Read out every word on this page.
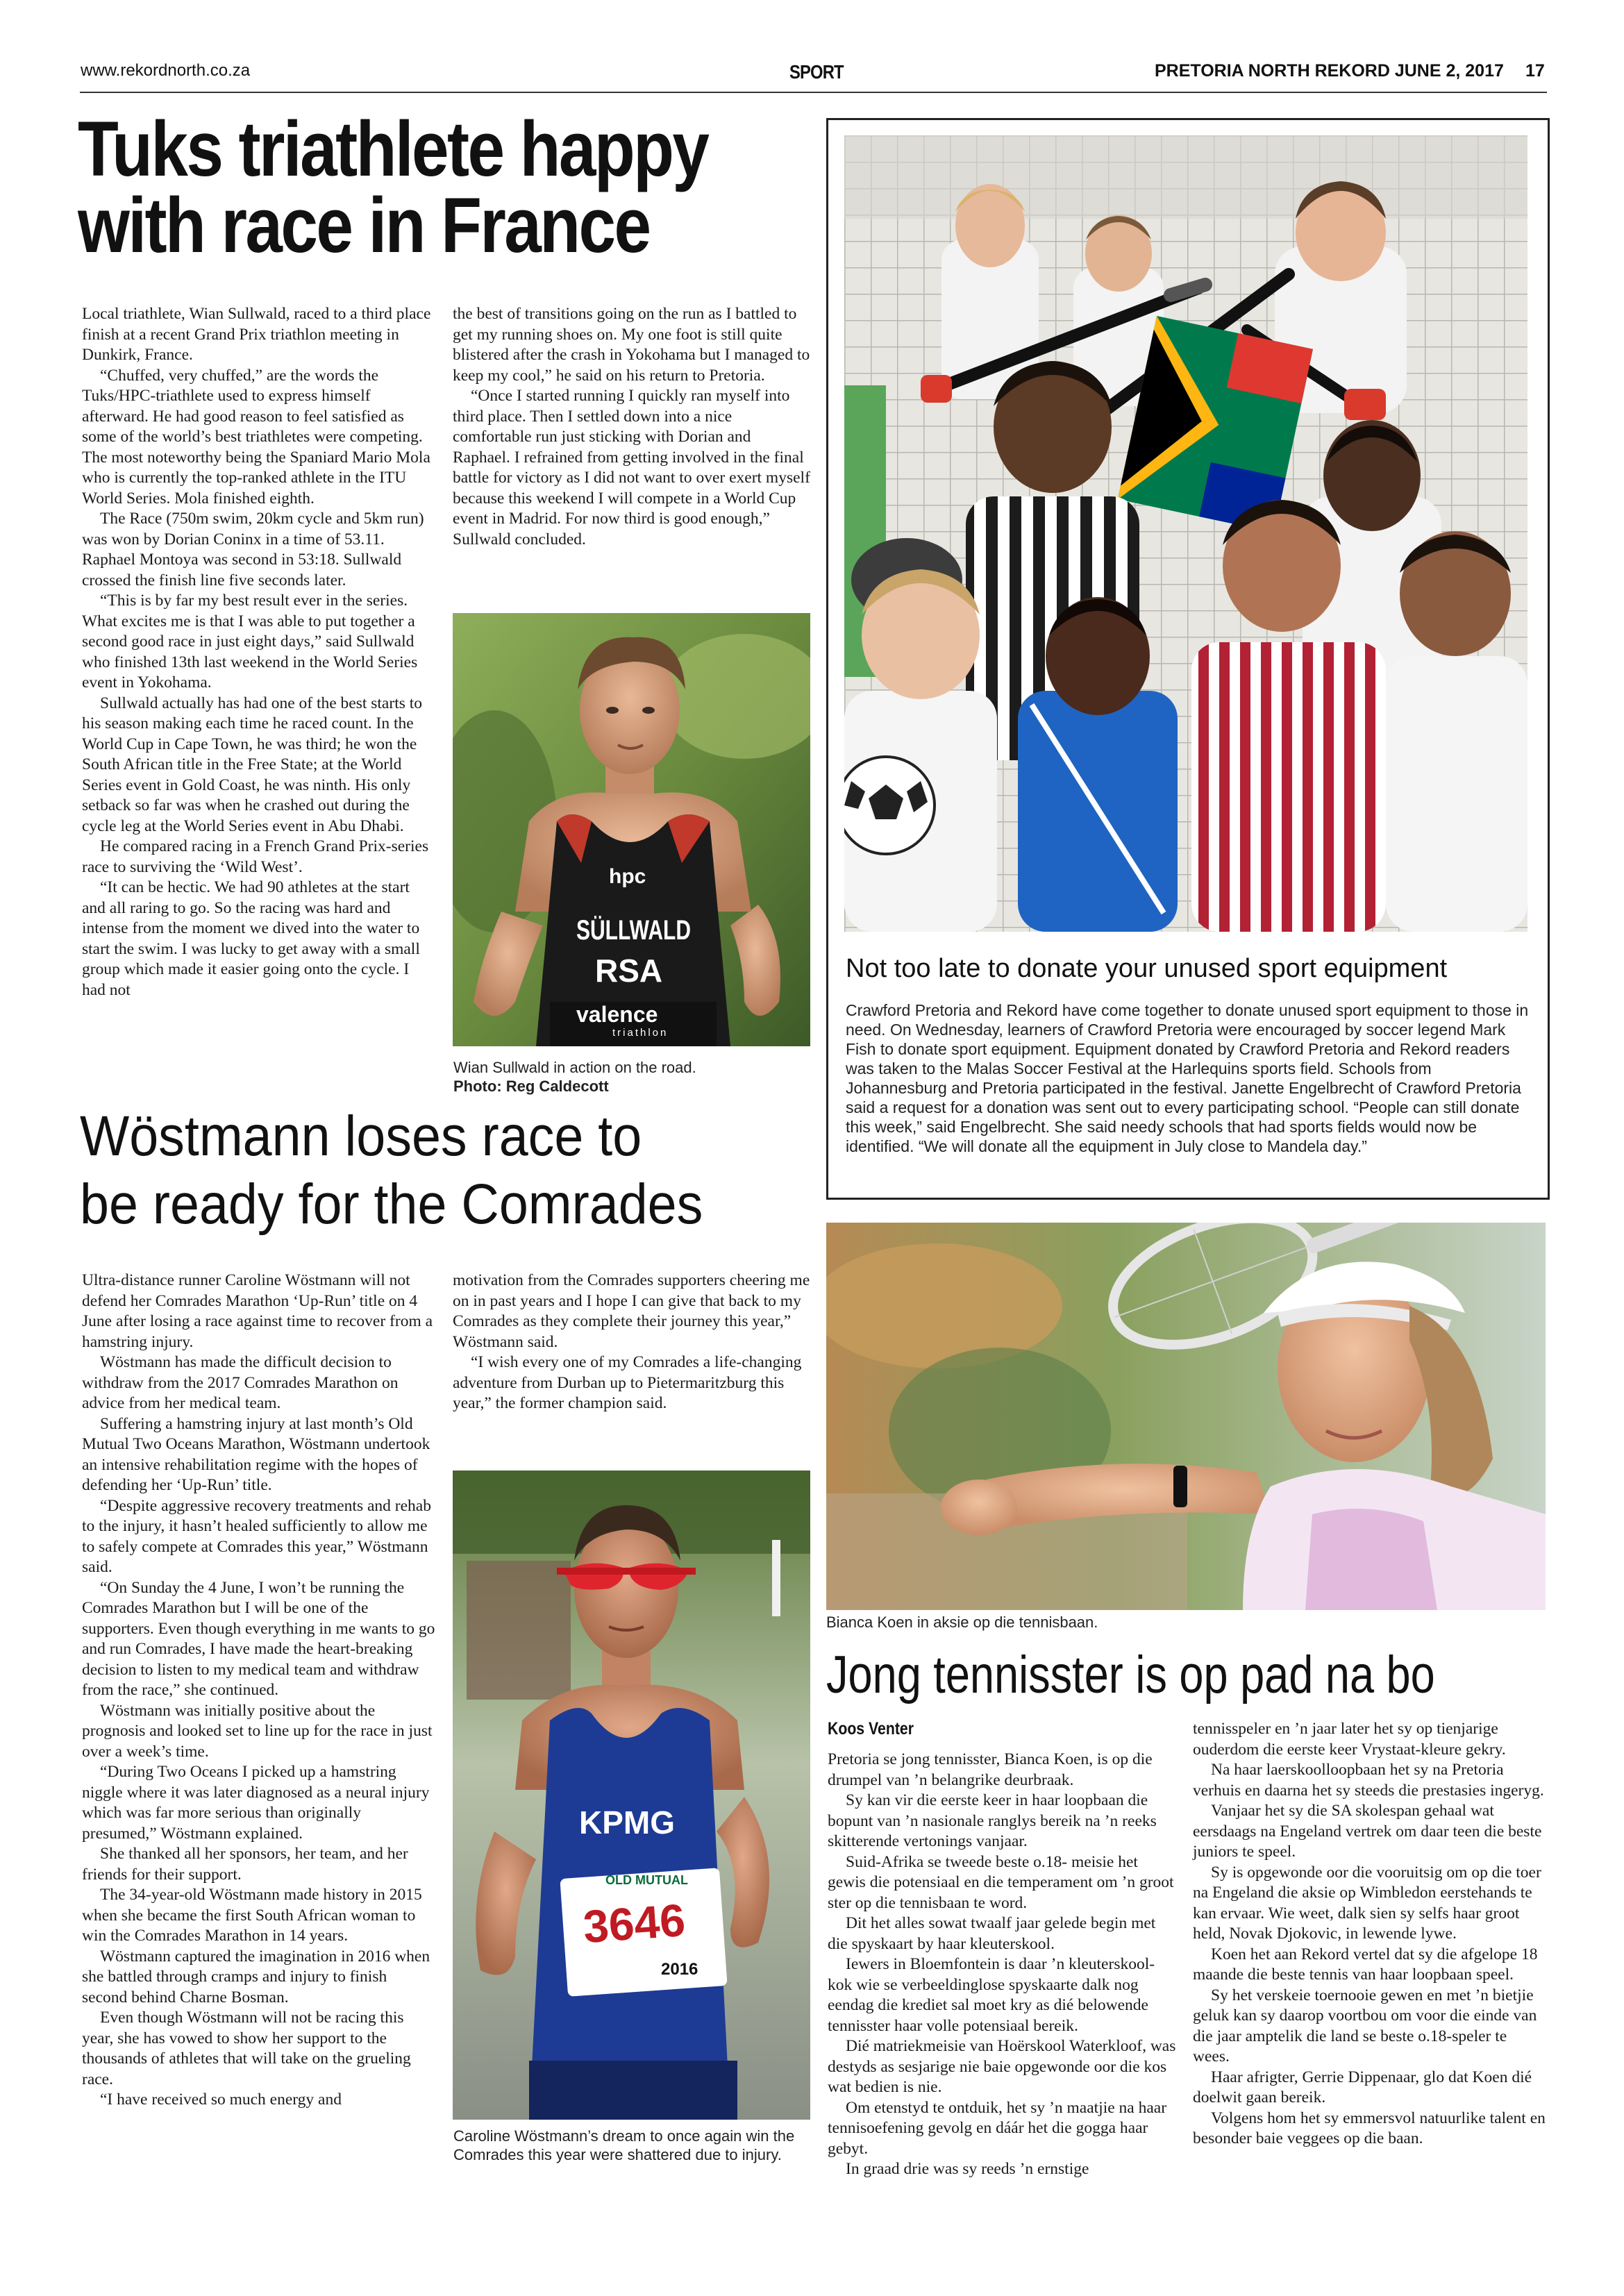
www.rekordnorth.co.za	SPORT	PRETORIA NORTH REKORD JUNE 2, 2017 17
Tuks triathlete happy
with race in France

Local triathlete, Wian Sullwald, raced to a third place finish at a recent Grand Prix triathlon meeting in Dunkirk, France.

“Chuffed, very chuffed,” are the words the Tuks/HPC-triathlete used to express himself afterward. He had good reason to feel satisfied as some of the world’s best triathletes were competing. The most noteworthy being the Spaniard Mario Mola who is currently the top-ranked athlete in the ITU World Series. Mola finished eighth.

The Race (750m swim, 20km cycle and 5km run) was won by Dorian Coninx in a time of 53.11. Raphael Montoya was second in 53:18. Sullwald crossed the finish line five seconds later.

“This is by far my best result ever in the series. What excites me is that I was able to put together a second good race in just eight days,” said Sullwald who finished 13th last weekend in the World Series event in Yokohama.

Sullwald actually has had one of the best starts to his season making each time he raced count. In the World Cup in Cape Town, he was third; he won the South African title in the Free State; at the World Series event in Gold Coast, he was ninth. His only setback so far was when he crashed out during the cycle leg at the World Series event in Abu Dhabi.

He compared racing in a French Grand Prix-series race to surviving the ‘Wild West’.

“It can be hectic. We had 90 athletes at the start and all raring to go. So the racing was hard and intense from the moment we dived into the water to start the swim. I was lucky to get away with a small group which made it easier going onto the cycle. I had not

the best of transitions going on the run as I battled to get my running shoes on. My one foot is still quite blistered after the crash in Yokohama but I managed to keep my cool,” he said on his return to Pretoria.

“Once I started running I quickly ran myself into third place. Then I settled down into a nice comfortable run just sticking with Dorian and Raphael. I refrained from getting involved in the final battle for victory as I did not want to over exert myself because this weekend I will compete in a World Cup event in Madrid. For now third is good enough,” Sullwald concluded.

hpc
SÜLLWALD
RSA
valence
triathlon
Wian Sullwald in action on the road.
Photo: Reg Caldecott
Not too late to donate your unused sport equipment
Crawford Pretoria and Rekord have come together to donate unused sport equipment to those in need. On Wednesday, learners of Crawford Pretoria were encouraged by soccer legend Mark Fish to donate sport equipment. Equipment donated by Crawford Pretoria and Rekord readers was taken to the Malas Soccer Festival at the Harlequins sports field. Schools from Johannesburg and Pretoria participated in the festival. Janette Engelbrecht of Crawford Pretoria said a request for a donation was sent out to every participating school. “People can still donate this week,” said Engelbrecht. She said needy schools that had sports fields would now be identified. “We will donate all the equipment in July close to Mandela day.”
Wöstmann loses race to
be ready for the Comrades

Ultra-distance runner Caroline Wöstmann will not defend her Comrades Marathon ‘Up-Run’ title on 4 June after losing a race against time to recover from a hamstring injury.

Wöstmann has made the difficult decision to withdraw from the 2017 Comrades Marathon on advice from her medical team.

Suffering a hamstring injury at last month’s Old Mutual Two Oceans Marathon, Wöstmann undertook an intensive rehabilitation regime with the hopes of defending her ‘Up-Run’ title.

“Despite aggressive recovery treatments and rehab to the injury, it hasn’t healed sufficiently to allow me to safely compete at Comrades this year,” Wöstmann said.

“On Sunday the 4 June, I won’t be running the Comrades Marathon but I will be one of the supporters. Even though everything in me wants to go and run Comrades, I have made the heart-breaking decision to listen to my medical team and withdraw from the race,” she continued.

Wöstmann was initially positive about the prognosis and looked set to line up for the race in just over a week’s time.

“During Two Oceans I picked up a hamstring niggle where it was later diagnosed as a neural injury which was far more serious than originally presumed,” Wöstmann explained.

She thanked all her sponsors, her team, and her friends for their support.

The 34-year-old Wöstmann made history in 2015 when she became the first South African woman to win the Comrades Marathon in 14 years.

Wöstmann captured the imagination in 2016 when she battled through cramps and injury to finish second behind Charne Bosman.

Even though Wöstmann will not be racing this year, she has vowed to show her support to the thousands of athletes that will take on the grueling race.

“I have received so much energy and

motivation from the Comrades supporters cheering me on in past years and I hope I can give that back to my Comrades as they complete their journey this year,” Wöstmann said.

“I wish every one of my Comrades a life-changing adventure from Durban up to Pietermaritzburg this year,” the former champion said.

KPMG
OLD MUTUAL
3646
2016
Caroline Wöstmann’s dream to once again win the Comrades this year were shattered due to injury.
Bianca Koen in aksie op die tennisbaan.
Jong tennisster is op pad na bo
Koos Venter

Pretoria se jong tennisster, Bianca Koen, is op die drumpel van ’n belangrike deurbraak.

Sy kan vir die eerste keer in haar loopbaan die bopunt van ’n nasionale ranglys bereik na ’n reeks skitterende vertonings vanjaar.

Suid-Afrika se tweede beste o.18- meisie het gewis die potensiaal en die temperament om ’n groot ster op die tennisbaan te word.

Dit het alles sowat twaalf jaar gelede begin met die spyskaart by haar kleuterskool.

Iewers in Bloemfontein is daar ’n kleuterskool-kok wie se verbeeldinglose spyskaarte dalk nog eendag die krediet sal moet kry as dié belowende tennisster haar volle potensiaal bereik.

Dié matriekmeisie van Hoërskool Waterkloof, was destyds as sesjarige nie baie opgewonde oor die kos wat bedien is nie.

Om etenstyd te ontduik, het sy ’n maatjie na haar tennisoefening gevolg en dáár het die gogga haar gebyt.

In graad drie was sy reeds ’n ernstige

tennisspeler en ’n jaar later het sy op tienjarige ouderdom die eerste keer Vrystaat-kleure gekry.

Na haar laerskoolloopbaan het sy na Pretoria verhuis en daarna het sy steeds die prestasies ingeryg.

Vanjaar het sy die SA skolespan gehaal wat eersdaags na Engeland vertrek om daar teen die beste juniors te speel.

Sy is opgewonde oor die vooruitsig om op die toer na Engeland die aksie op Wimbledon eerstehands te kan ervaar. Wie weet, dalk sien sy selfs haar groot held, Novak Djokovic, in lewende lywe.

Koen het aan Rekord vertel dat sy die afgelope 18 maande die beste tennis van haar loopbaan speel.

Sy het verskeie toernooie gewen en met ’n bietjie geluk kan sy daarop voortbou om voor die einde van die jaar amptelik die land se beste o.18-speler te wees.

Haar afrigter, Gerrie Dippenaar, glo dat Koen dié doelwit gaan bereik.

Volgens hom het sy emmersvol natuurlike talent en besonder baie veggees op die baan.
